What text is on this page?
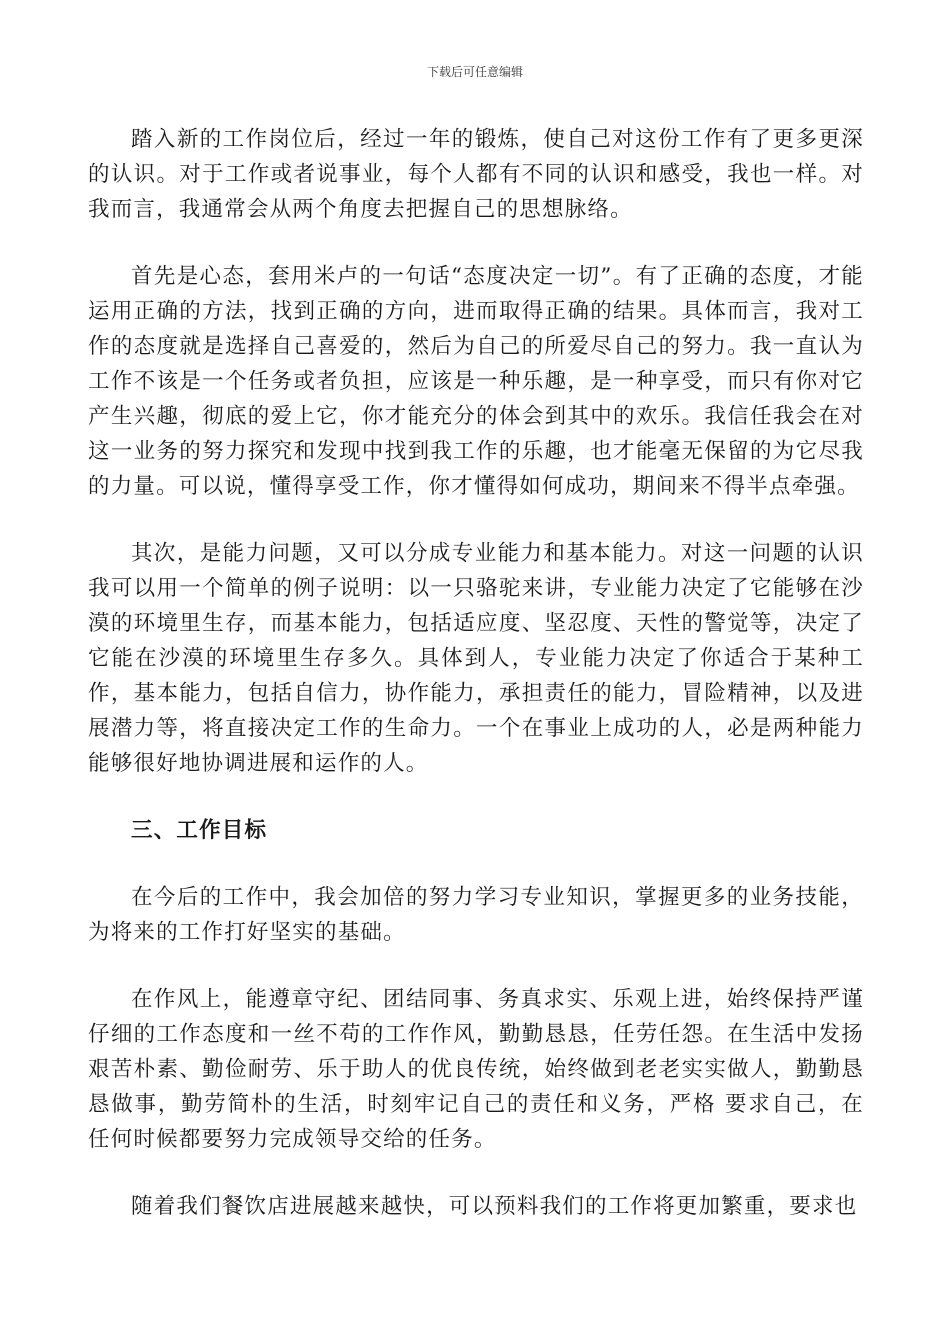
下载后可任意编辑

踏入新的工作岗位后，经过一年的锻炼，使自己对这份工作有了更多更深的认识。对于工作或者说事业，每个人都有不同的认识和感受，我也一样。对我而言，我通常会从两个角度去把握自己的思想脉络。

首先是心态，套用米卢的一句话“态度决定一切”。有了正确的态度，才能运用正确的方法，找到正确的方向，进而取得正确的结果。具体而言，我对工作的态度就是选择自己喜爱的，然后为自己的所爱尽自己的努力。我一直认为工作不该是一个任务或者负担，应该是一种乐趣，是一种享受，而只有你对它产生兴趣，彻底的爱上它，你才能充分的体会到其中的欢乐。我信任我会在对这一业务的努力探究和发现中找到我工作的乐趣，也才能毫无保留的为它尽我的力量。可以说，懂得享受工作，你才懂得如何成功，期间来不得半点牵强。

其次，是能力问题，又可以分成专业能力和基本能力。对这一问题的认识我可以用一个简单的例子说明：以一只骆驼来讲，专业能力决定了它能够在沙漠的环境里生存，而基本能力，包括适应度、坚忍度、天性的警觉等，决定了它能在沙漠的环境里生存多久。具体到人，专业能力决定了你适合于某种工作，基本能力，包括自信力，协作能力，承担责任的能力，冒险精神，以及进展潜力等，将直接决定工作的生命力。一个在事业上成功的人，必是两种能力能够很好地协调进展和运作的人。

三、工作目标

在今后的工作中，我会加倍的努力学习专业知识，掌握更多的业务技能，为将来的工作打好坚实的基础。

在作风上，能遵章守纪、团结同事、务真求实、乐观上进，始终保持严谨仔细的工作态度和一丝不苟的工作作风，勤勤恳恳，任劳任怨。在生活中发扬艰苦朴素、勤俭耐劳、乐于助人的优良传统，始终做到老老实实做人，勤勤恳恳做事，勤劳简朴的生活，时刻牢记自己的责任和义务，严格 要求自己，在任何时候都要努力完成领导交给的任务。

随着我们餐饮店进展越来越快，可以预料我们的工作将更加繁重，要求也
